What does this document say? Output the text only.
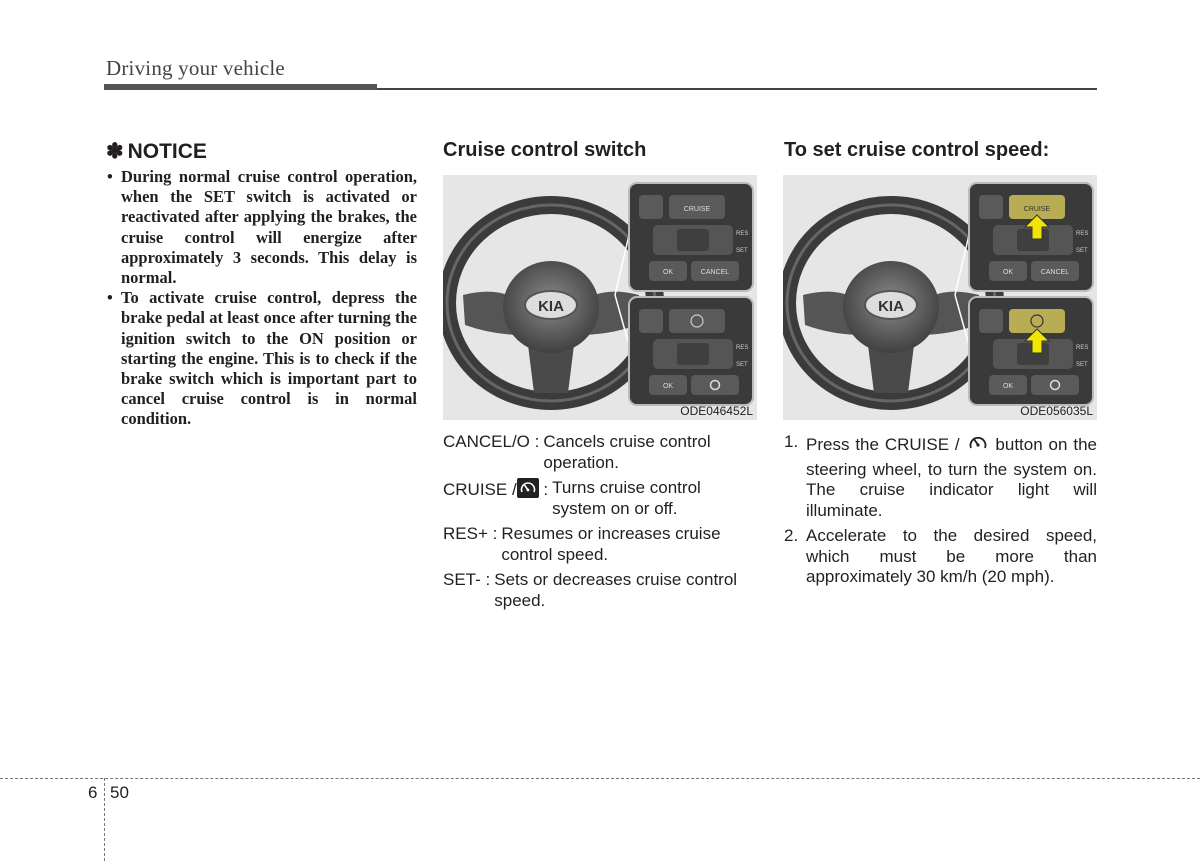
Driving your vehicle
✽ NOTICE
• During normal cruise control operation, when the SET switch is activated or reactivated after applying the brakes, the cruise control will energize after approximately 3 seconds. This delay is normal.
• To activate cruise control, depress the brake pedal at least once after turning the ignition switch to the ON position or starting the engine. This is to check if the brake switch which is important part to cancel cruise control is in normal condition.
Cruise control switch
KIA
CRUISE
RES
SET
OK	CANCEL
RES
SET
OK
ODE046452L
CANCEL/O : Cancels cruise control operation.
CRUISE / : Turns cruise control system on or off.
RES+ : Resumes or increases cruise control speed.
SET- : Sets or decreases cruise control speed.
To set cruise control speed:
KIA
CRUISE
RES
SET
OK	CANCEL
RES
SET
OK
ODE056035L
1. Press the CRUISE / button on the steering wheel, to turn the system on. The cruise indicator light will illuminate.
2. Accelerate to the desired speed, which must be more than approximately 30 km/h (20 mph).
6 50
